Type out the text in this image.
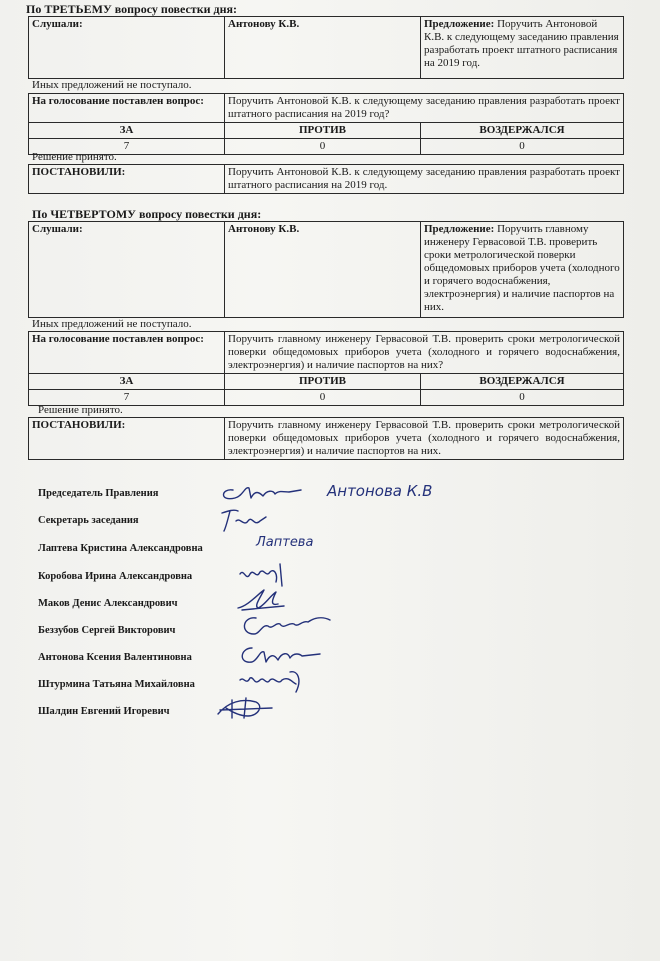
По ТРЕТЬЕМУ вопросу повестки дня:
Слушали:	Антонову К.В.	Предложение: Поручить Антоновой К.В. к следующему заседанию правления разработать проект штатного расписания на 2019 год.
Иных предложений не поступало.
На голосование поставлен вопрос:	Поручить Антоновой К.В. к следующему заседанию правления разработать проект штатного расписания на 2019 год?	
ЗА	ПРОТИВ	ВОЗДЕРЖАЛСЯ
7	0	0
Решение принято.
ПОСТАНОВИЛИ:	Поручить Антоновой К.В. к следующему заседанию правления разработать проект штатного расписания на 2019 год.
По ЧЕТВЕРТОМУ вопросу повестки дня:
Слушали:	Антонову К.В.	Предложение: Поручить главному инженеру Гервасовой Т.В. проверить сроки метрологической поверки общедомовых приборов учета (холодного и горячего водоснабжения, электроэнергия) и наличие паспортов на них.
Иных предложений не поступало.
На голосование поставлен вопрос:	Поручить главному инженеру Гервасовой Т.В. проверить сроки метрологической поверки общедомовых приборов учета (холодного и горячего водоснабжения, электроэнергия) и наличие паспортов на них?	
ЗА	ПРОТИВ	ВОЗДЕРЖАЛСЯ
7	0	0
Решение принято.
ПОСТАНОВИЛИ:	Поручить главному инженеру Гервасовой Т.В. проверить сроки метрологической поверки общедомовых приборов учета (холодного и горячего водоснабжения, электроэнергия) и наличие паспортов на них.
Председатель Правления
Секретарь заседания
Лаптева Кристина Александровна
Коробова Ирина Александровна
Маков Денис Александрович
Беззубов Сергей Викторович
Антонова Ксения Валентиновна
Штурмина Татьяна Михайловна
Шалдин Евгений Игоревич
Антонова К.В
Лаптева
